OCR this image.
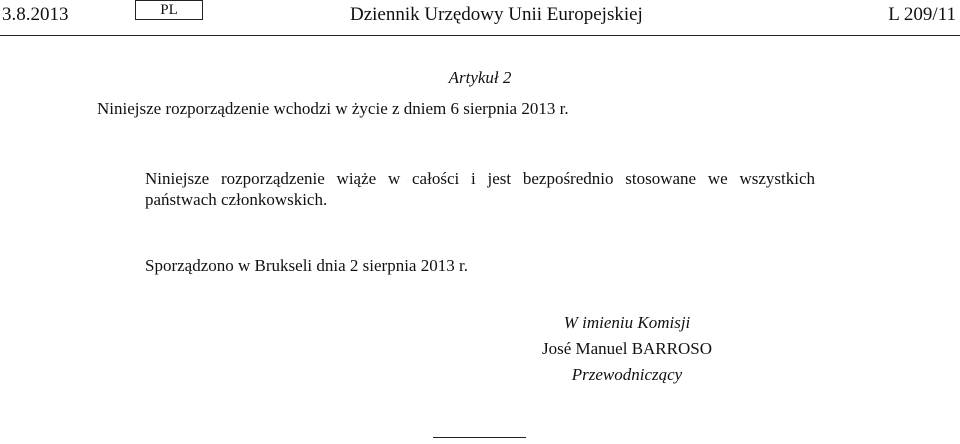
3.8.2013	PL	Dziennik Urzędowy Unii Europejskiej	L 209/11
Artykuł 2
Niniejsze rozporządzenie wchodzi w życie z dniem 6 sierpnia 2013 r.
Niniejsze rozporządzenie wiąże w całości i jest bezpośrednio stosowane we wszystkich państwach członkowskich.
Sporządzono w Brukseli dnia 2 sierpnia 2013 r.
W imieniu Komisji
José Manuel BARROSO
Przewodniczący
